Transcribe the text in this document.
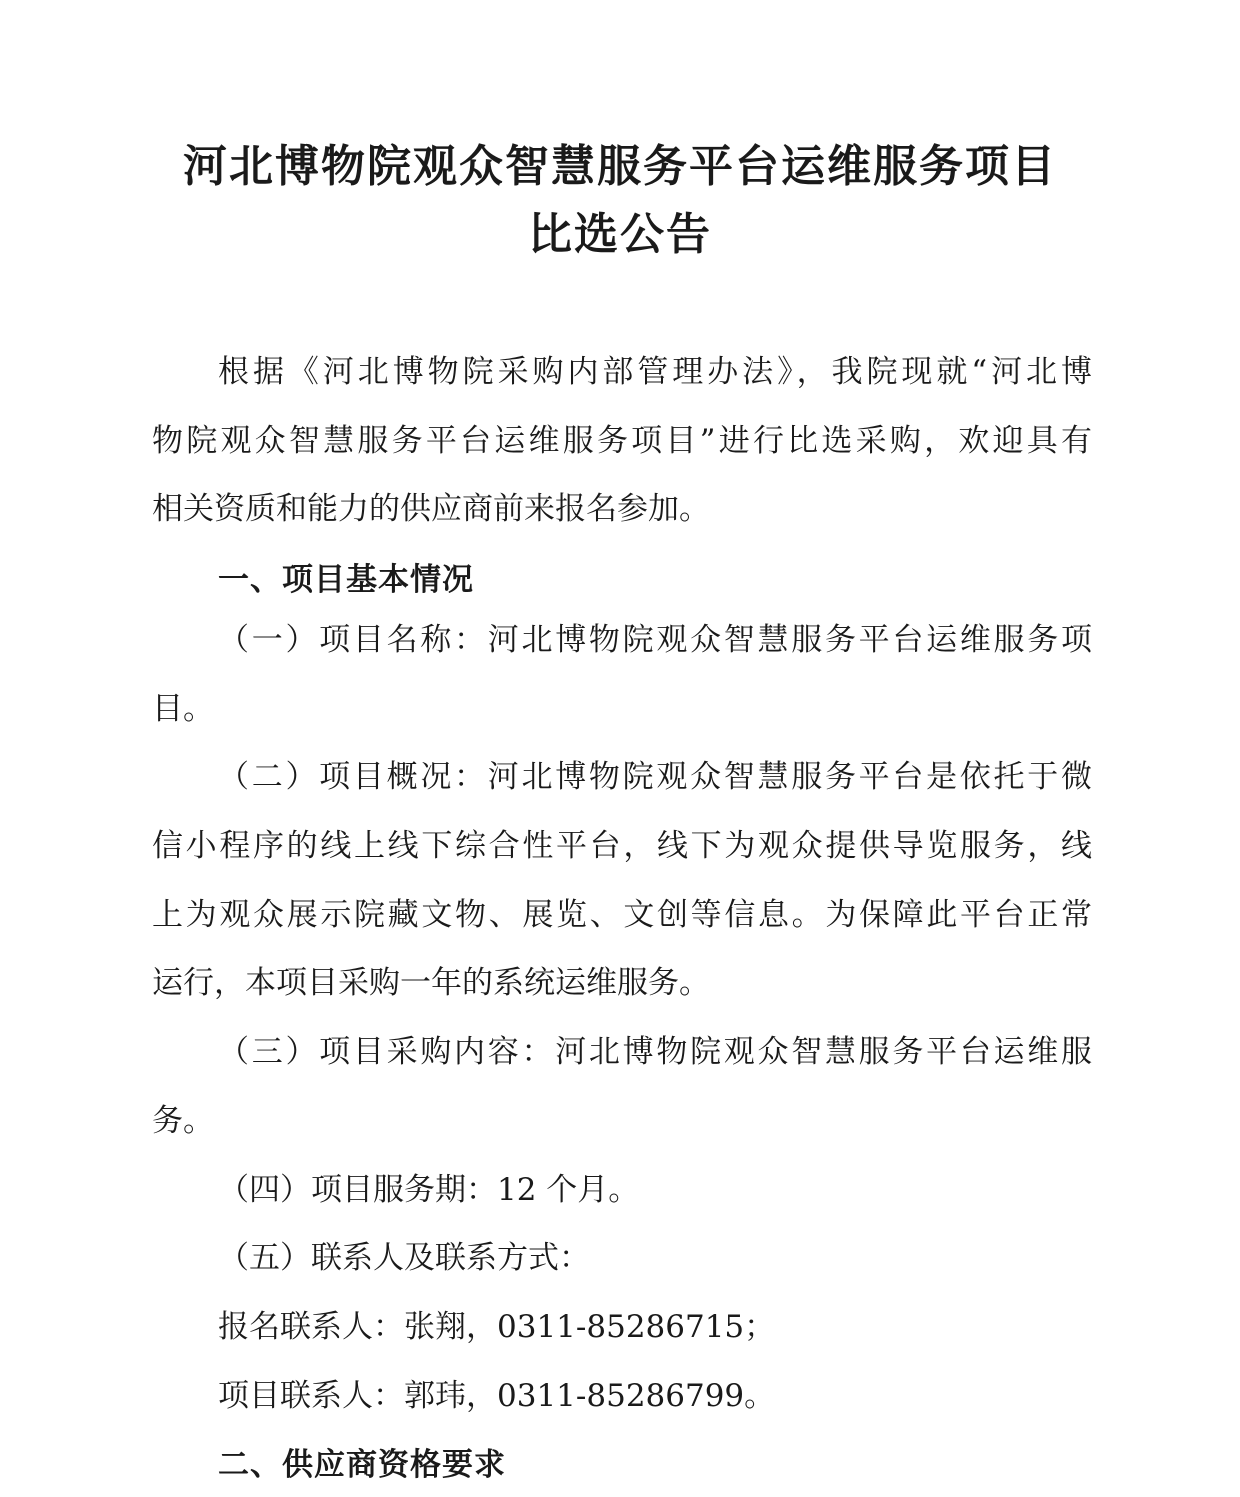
河北博物院观众智慧服务平台运维服务项目
比选公告
根据《河北博物院采购内部管理办法》，我院现就“河北博
物院观众智慧服务平台运维服务项目”进行比选采购，欢迎具有
相关资质和能力的供应商前来报名参加。
一、项目基本情况
（一）项目名称：河北博物院观众智慧服务平台运维服务项
目。
（二）项目概况：河北博物院观众智慧服务平台是依托于微
信小程序的线上线下综合性平台，线下为观众提供导览服务，线
上为观众展示院藏文物、展览、文创等信息。为保障此平台正常
运行，本项目采购一年的系统运维服务。
（三）项目采购内容：河北博物院观众智慧服务平台运维服
务。
（四）项目服务期：12 个月。
（五）联系人及联系方式：
报名联系人：张翔，0311-85286715；
项目联系人：郭玮，0311-85286799。
二、供应商资格要求
